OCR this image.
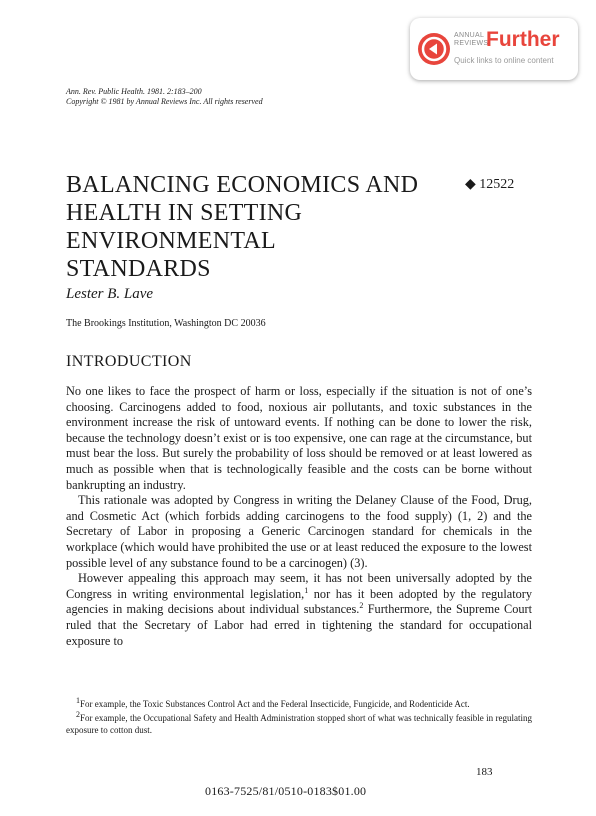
ANNUAL
REVIEWS
Further
Quick links to online content
Ann. Rev. Public Health. 1981. 2:183–200
Copyright © 1981 by Annual Reviews Inc. All rights reserved
BALANCING ECONOMICS AND
HEALTH IN SETTING
ENVIRONMENTAL STANDARDS
◆ 12522
Lester B. Lave
The Brookings Institution, Washington DC 20036
INTRODUCTION

No one likes to face the prospect of harm or loss, especially if the situation is not of one’s choosing. Carcinogens added to food, noxious air pollutants, and toxic substances in the environment increase the risk of untoward events. If nothing can be done to lower the risk, because the technology doesn’t exist or is too expensive, one can rage at the circumstance, but must bear the loss. But surely the probability of loss should be removed or at least lowered as much as possible when that is technologically feasible and the costs can be borne without bankrupting an industry.

This rationale was adopted by Congress in writing the Delaney Clause of the Food, Drug, and Cosmetic Act (which forbids adding carcinogens to the food supply) (1, 2) and the Secretary of Labor in proposing a Generic Carcinogen standard for chemicals in the workplace (which would have prohibited the use or at least reduced the exposure to the lowest possible level of any substance found to be a carcinogen) (3).

However appealing this approach may seem, it has not been universally adopted by the Congress in writing environmental legislation,$^1$ nor has it been adopted by the regulatory agencies in making decisions about individual substances.$^2$ Furthermore, the Supreme Court ruled that the Secretary of Labor had erred in tightening the standard for occupational exposure to

$^1$For example, the Toxic Substances Control Act and the Federal Insecticide, Fungicide, and Rodenticide Act.

$^2$For example, the Occupational Safety and Health Administration stopped short of what was technically feasible in regulating exposure to cotton dust.

183
0163-7525/81/0510-0183$01.00
